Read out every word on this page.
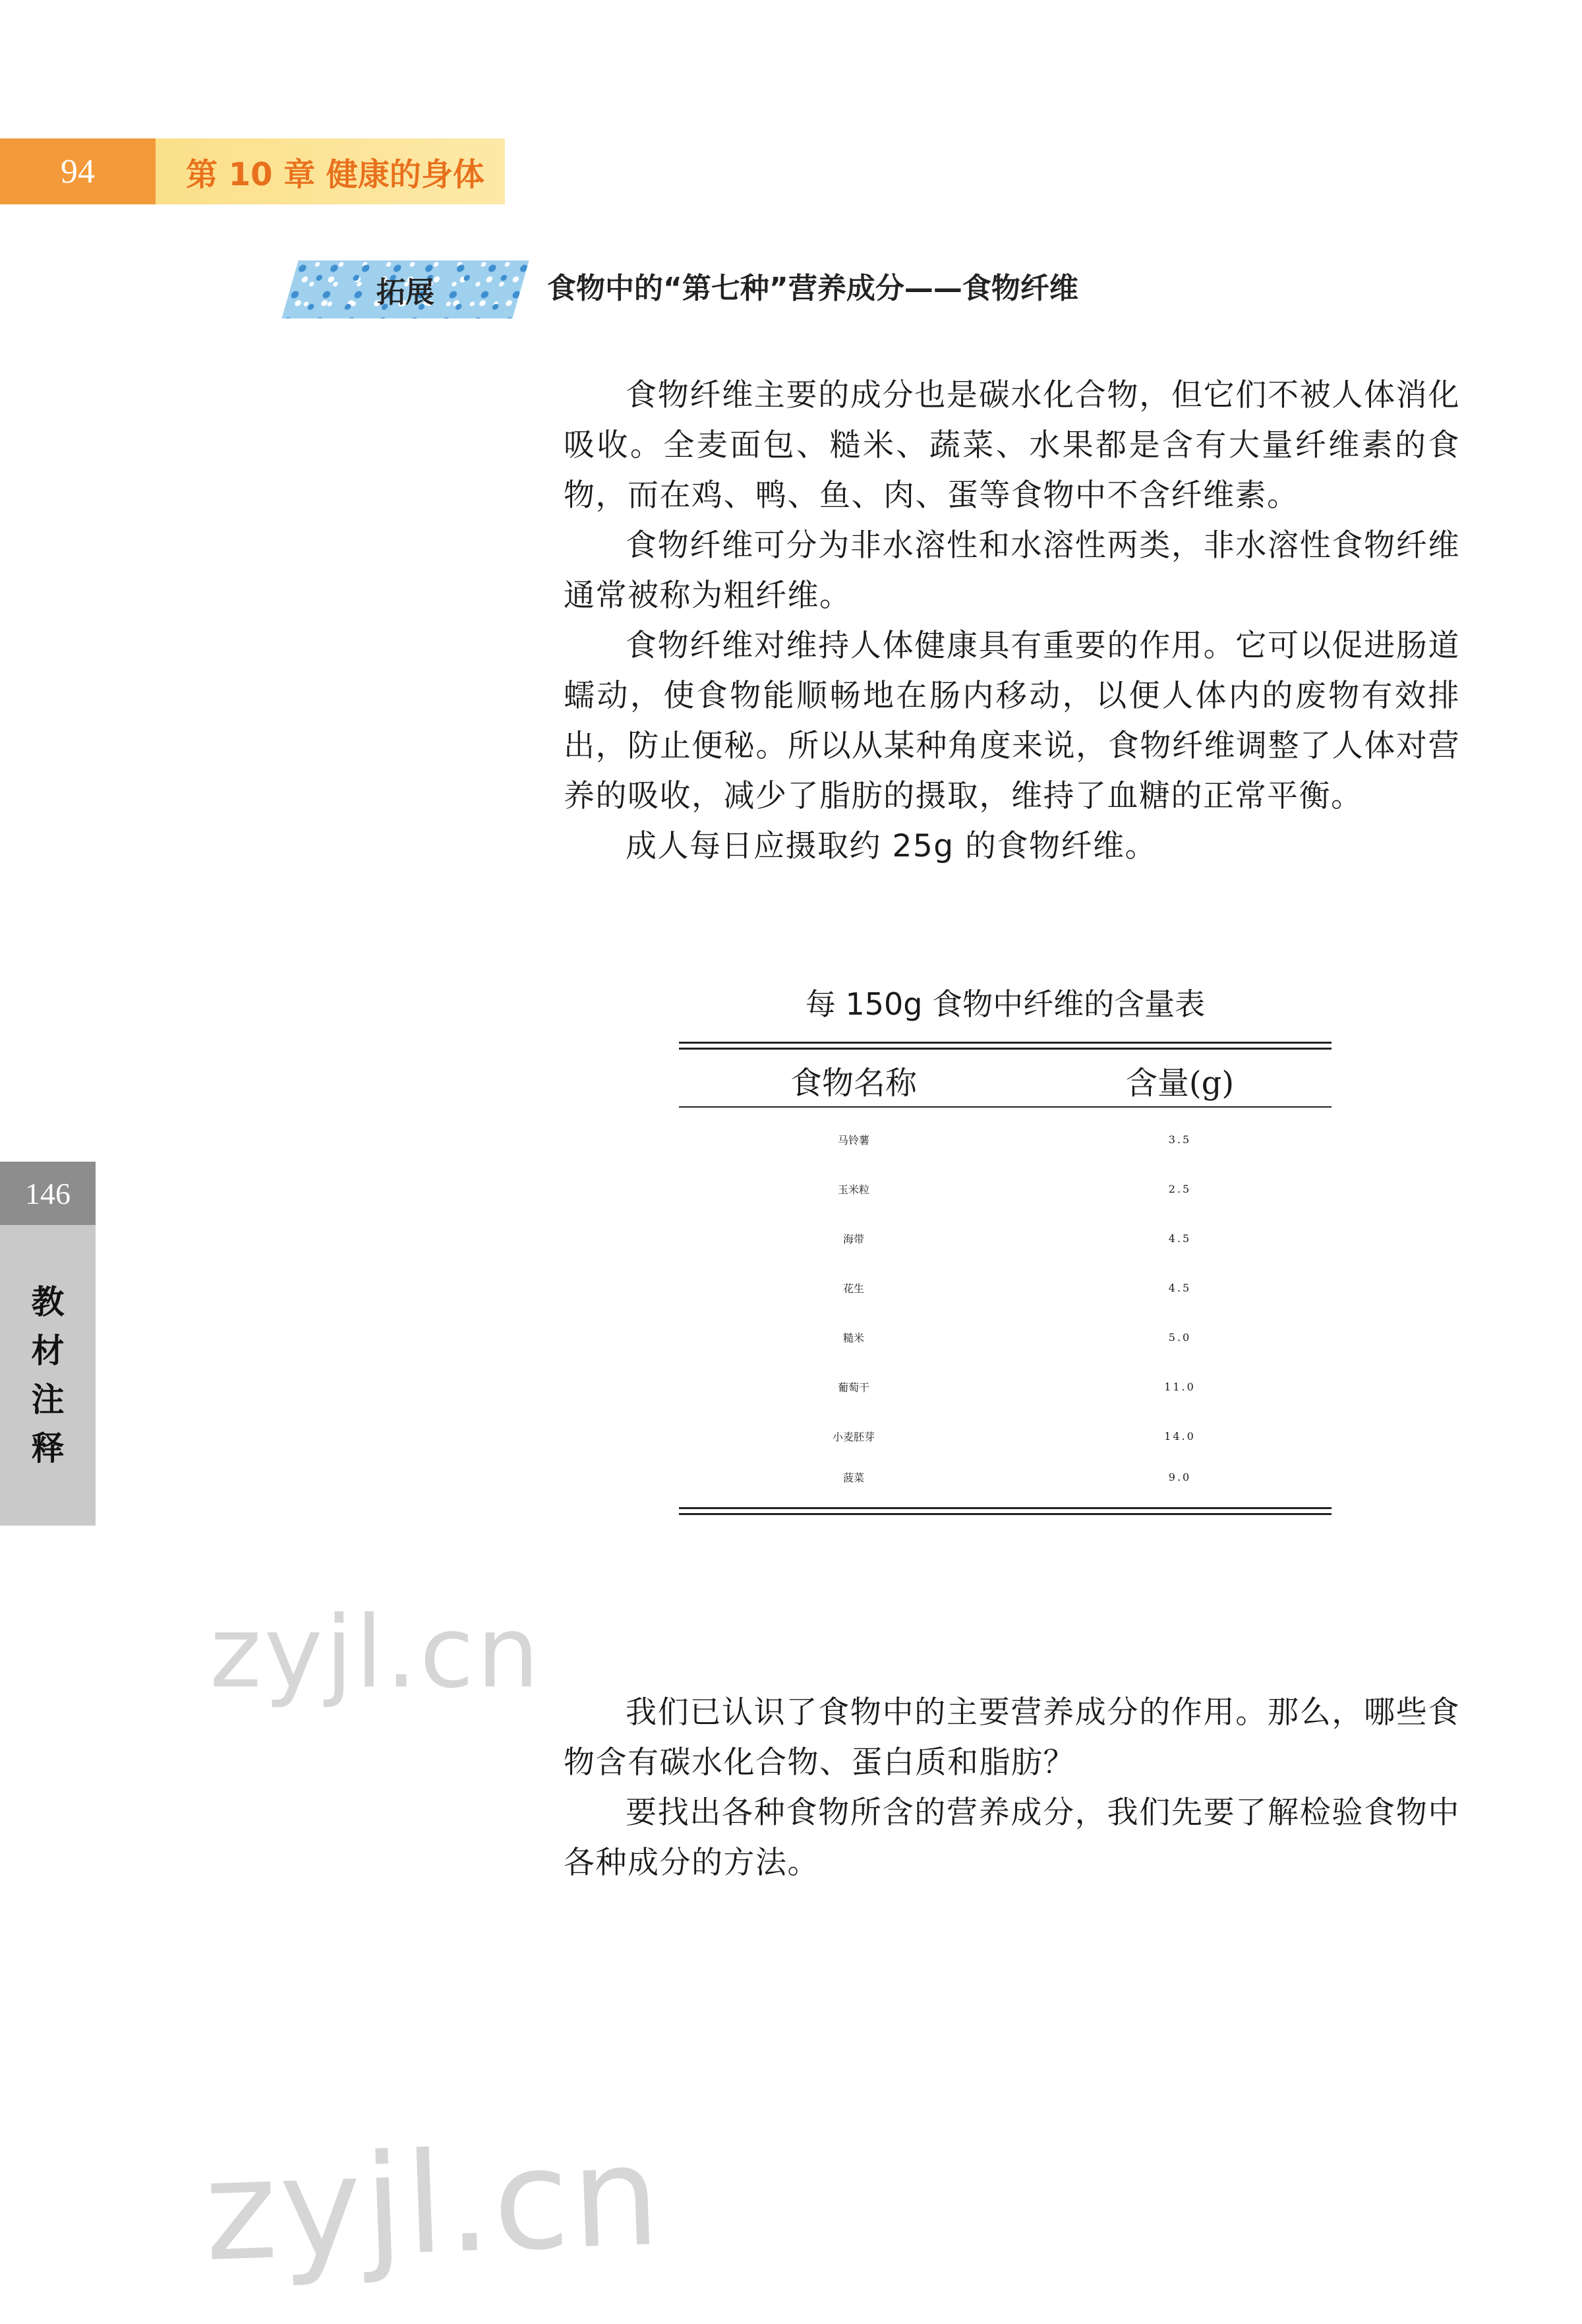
94	第 10 章 健康的身体
拓展	食物中的“第七种”营养成分——食物纤维

食物纤维主要的成分也是碳水化合物，但它们不被人体消化吸收。全麦面包、糙米、蔬菜、水果都是含有大量纤维素的食物，而在鸡、鸭、鱼、肉、蛋等食物中不含纤维素。

食物纤维可分为非水溶性和水溶性两类，非水溶性食物纤维通常被称为粗纤维。

食物纤维对维持人体健康具有重要的作用。它可以促进肠道蠕动，使食物能顺畅地在肠内移动，以便人体内的废物有效排出，防止便秘。所以从某种角度来说，食物纤维调整了人体对营养的吸收，减少了脂肪的摄取，维持了血糖的正常平衡。

成人每日应摄取约 25g 的食物纤维。

每 150g 食物中纤维的含量表
食物名称	含量(g)
马铃薯	3.5
玉米粒	2.5
海带	4.5
花生	4.5
糙米	5.0
葡萄干	11.0
小麦胚芽	14.0
菠菜	9.0
146
教
材
注
释
zyjl.cn
zyjl.cn

我们已认识了食物中的主要营养成分的作用。那么，哪些食物含有碳水化合物、蛋白质和脂肪？

要找出各种食物所含的营养成分，我们先要了解检验食物中各种成分的方法。
